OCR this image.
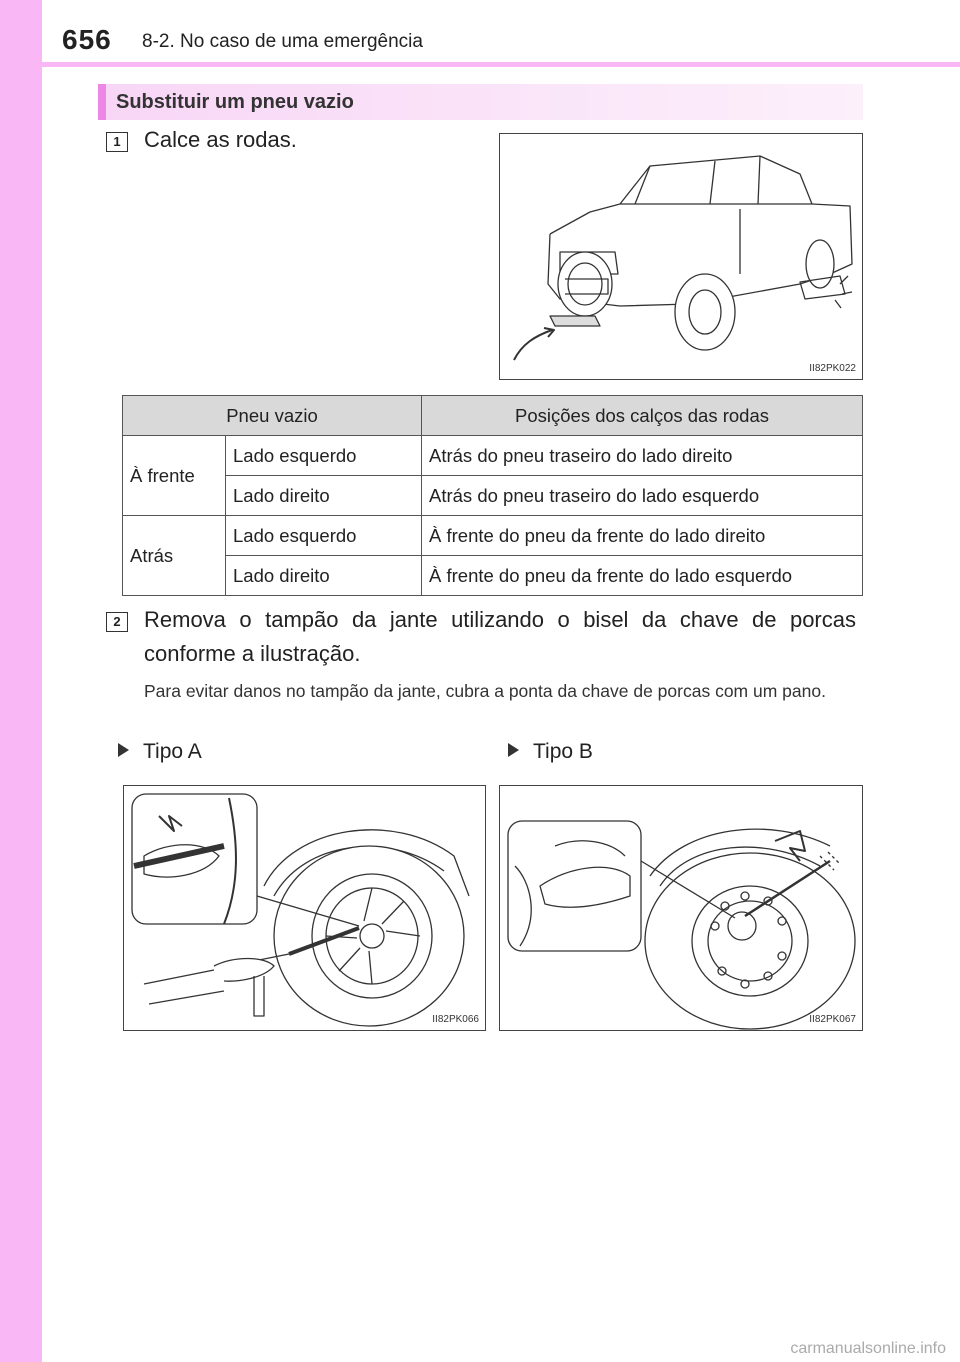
656 8-2. No caso de uma emergência
Substituir um pneu vazio
1	Calce as rodas.
II82PK022
Pneu vazio		Posições dos calços das rodas
À frente	Lado esquerdo	Atrás do pneu traseiro do lado direito
	Lado direito	Atrás do pneu traseiro do lado esquerdo
Atrás	Lado esquerdo	À frente do pneu da frente do lado direito
	Lado direito	À frente do pneu da frente do lado esquerdo
2	Remova o tampão da jante utilizando o bisel da chave de porcas conforme a ilustração.
Para evitar danos no tampão da jante, cubra a ponta da chave de porcas com um pano.
Tipo A	Tipo B
II82PK066	II82PK067
carmanualsonline.info
